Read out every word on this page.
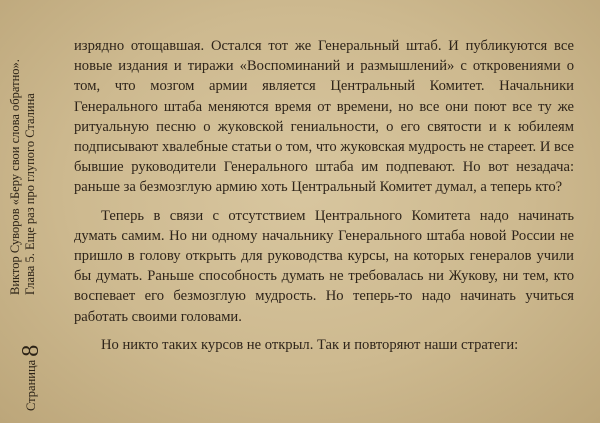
Страница8
Виктор Суворов «Беру свои слова обратно». Глава 5. Еще раз про глупого Сталина

изрядно отощавшая. Остался тот же Генеральный штаб. И публикуются все новые издания и тиражи «Воспоминаний и размышлений» с откровениями о том, что мозгом армии является Центральный Комитет. Начальники Генерального штаба меняются время от времени, но все они поют все ту же ритуальную песню о жуковской гениальности, о его святости и к юбилеям подписывают хвалебные статьи о том, что жуковская мудрость не стареет. И все бывшие руководители Генерального штаба им подпевают. Но вот незадача: раньше за безмозглую армию хоть Центральный Комитет думал, а теперь кто?

Теперь в связи с отсутствием Центрального Комитета надо начинать думать самим. Но ни одному начальнику Генерального штаба новой России не пришло в голову открыть для руководства курсы, на которых генералов учили бы думать. Раньше способность думать не требовалась ни Жукову, ни тем, кто воспевает его безмозглую мудрость. Но теперь-то надо начинать учиться работать своими головами.

Но никто таких курсов не открыл. Так и повторяют наши стратеги:
